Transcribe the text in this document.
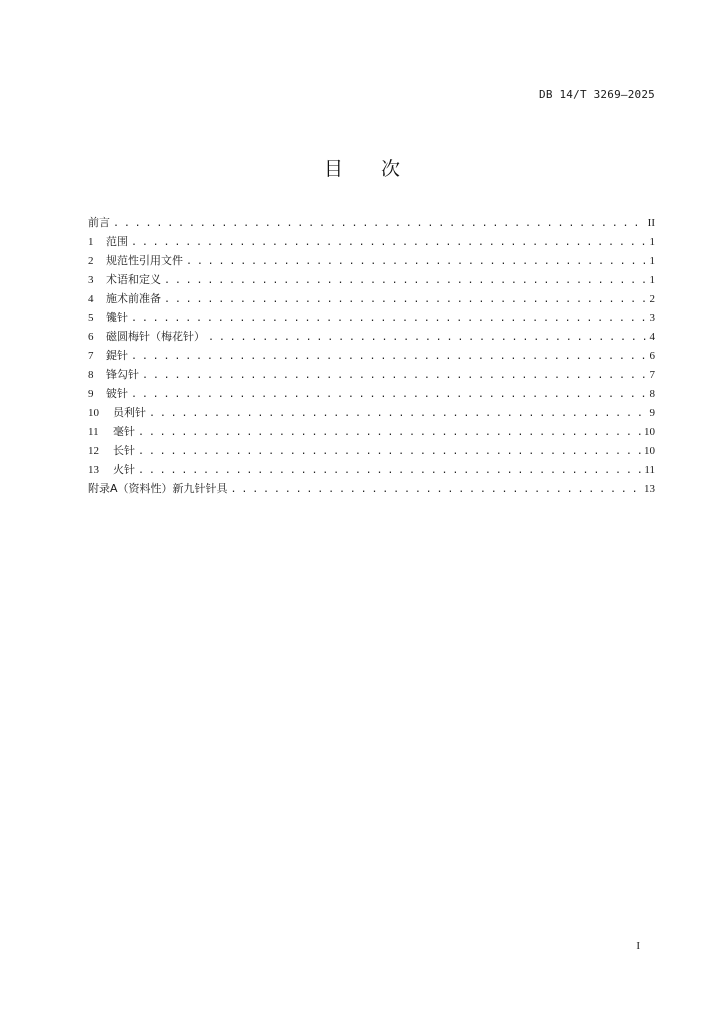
DB 14/T 3269—2025
目次
前言 . . .	II
1	范围 . . .	1
2	规范性引用文件 . . .	1
3	术语和定义 . . .	1
4	施术前准备 . . .	2
5	镵针 . . .	3
6	磁圆梅针（梅花针） . . .	4
7	鍉针 . . .	6
8	锋勾针 . . .	7
9	铍针 . . .	8
10	员利针 . . .	9
11	毫针 . . .	10
12	长针 . . .	10
13	火针 . . .	11
附录A（资料性）新九针针具 . . .	13
I
